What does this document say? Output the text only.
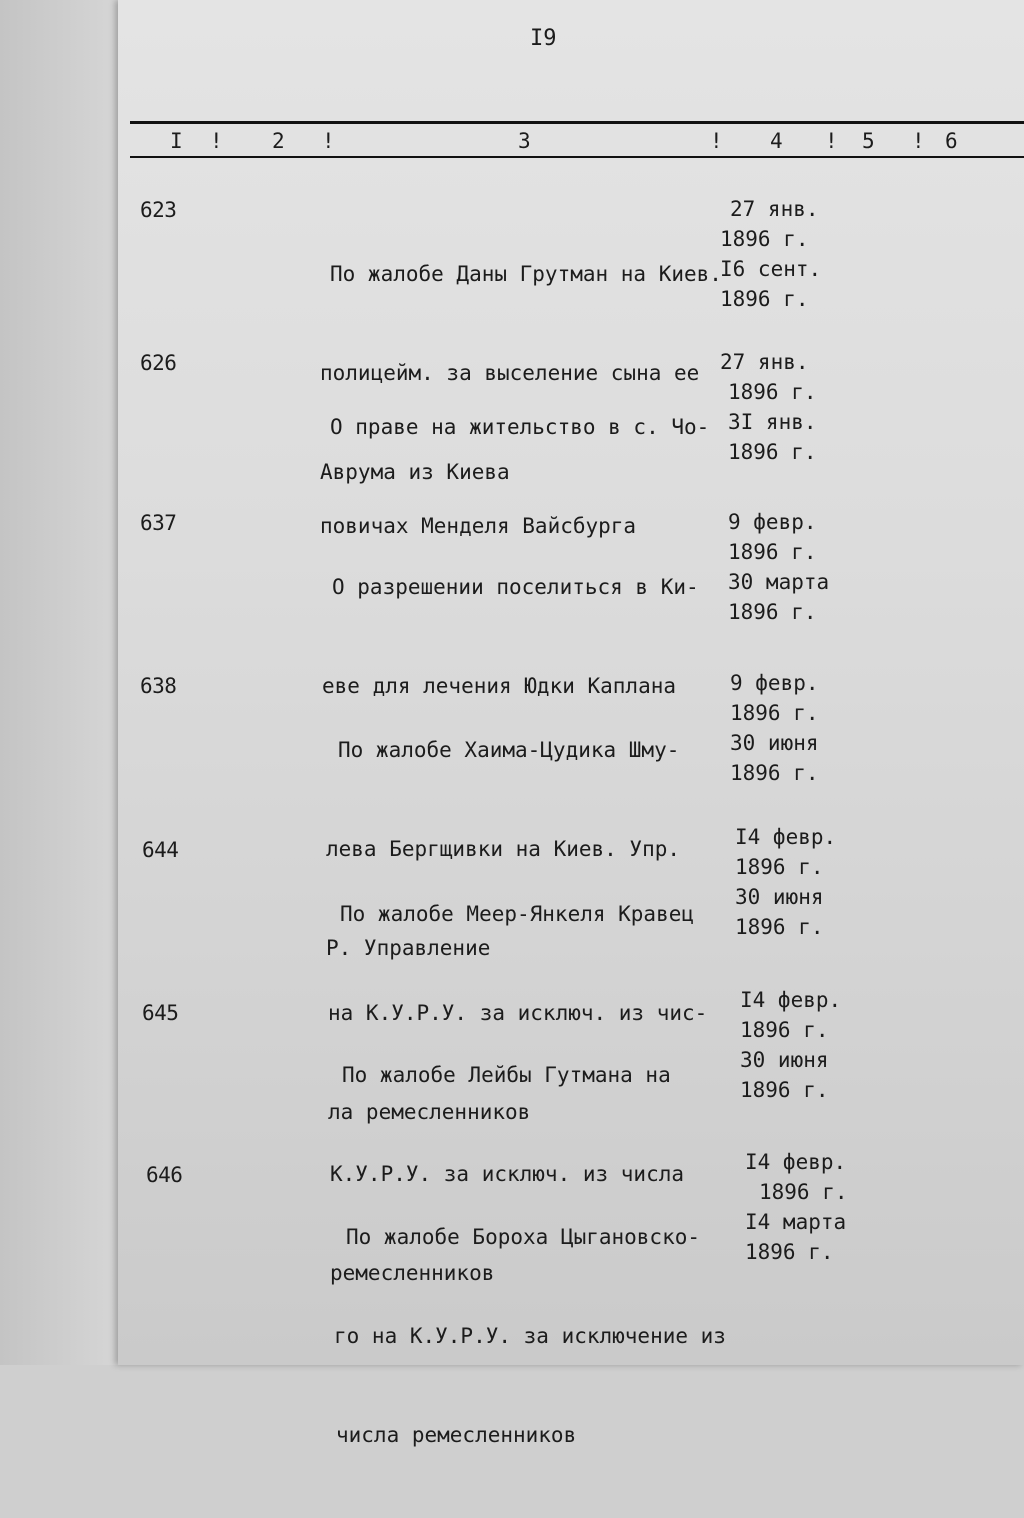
I9
I ! 2 !	3	! 4 ! 5 ! 6
623

По жалобе Даны Грутман на Киев.

полицейм. за выселение сына ее

Аврума из Киева

27 янв.
1896 г.
I6 сент.
1896 г.
626

О праве на жительство в с. Чо-

повичах Менделя Вайсбурга

27 янв.
1896 г.
3I янв.
1896 г.
637

О разрешении поселиться в Ки-

еве для лечения Юдки Каплана

9 февр.
1896 г.
30 марта
1896 г.
638

По жалобе Хаима-Цудика Шму-

лева Бергщивки на Киев. Упр.

Р. Управление

9 февр.
1896 г.
30 июня
1896 г.
644

По жалобе Меер-Янкеля Кравец

на К.У.Р.У. за исключ. из чис-

ла ремесленников

I4 февр.
1896 г.
30 июня
1896 г.
645

По жалобе Лейбы Гутмана на

К.У.Р.У. за исключ. из числа

ремесленников

I4 февр.
1896 г.
30 июня
1896 г.
646

По жалобе Бороха Цыгановско-

го на К.У.Р.У. за исключение из

числа ремесленников

I4 февр.
1896 г.
I4 марта
1896 г.
